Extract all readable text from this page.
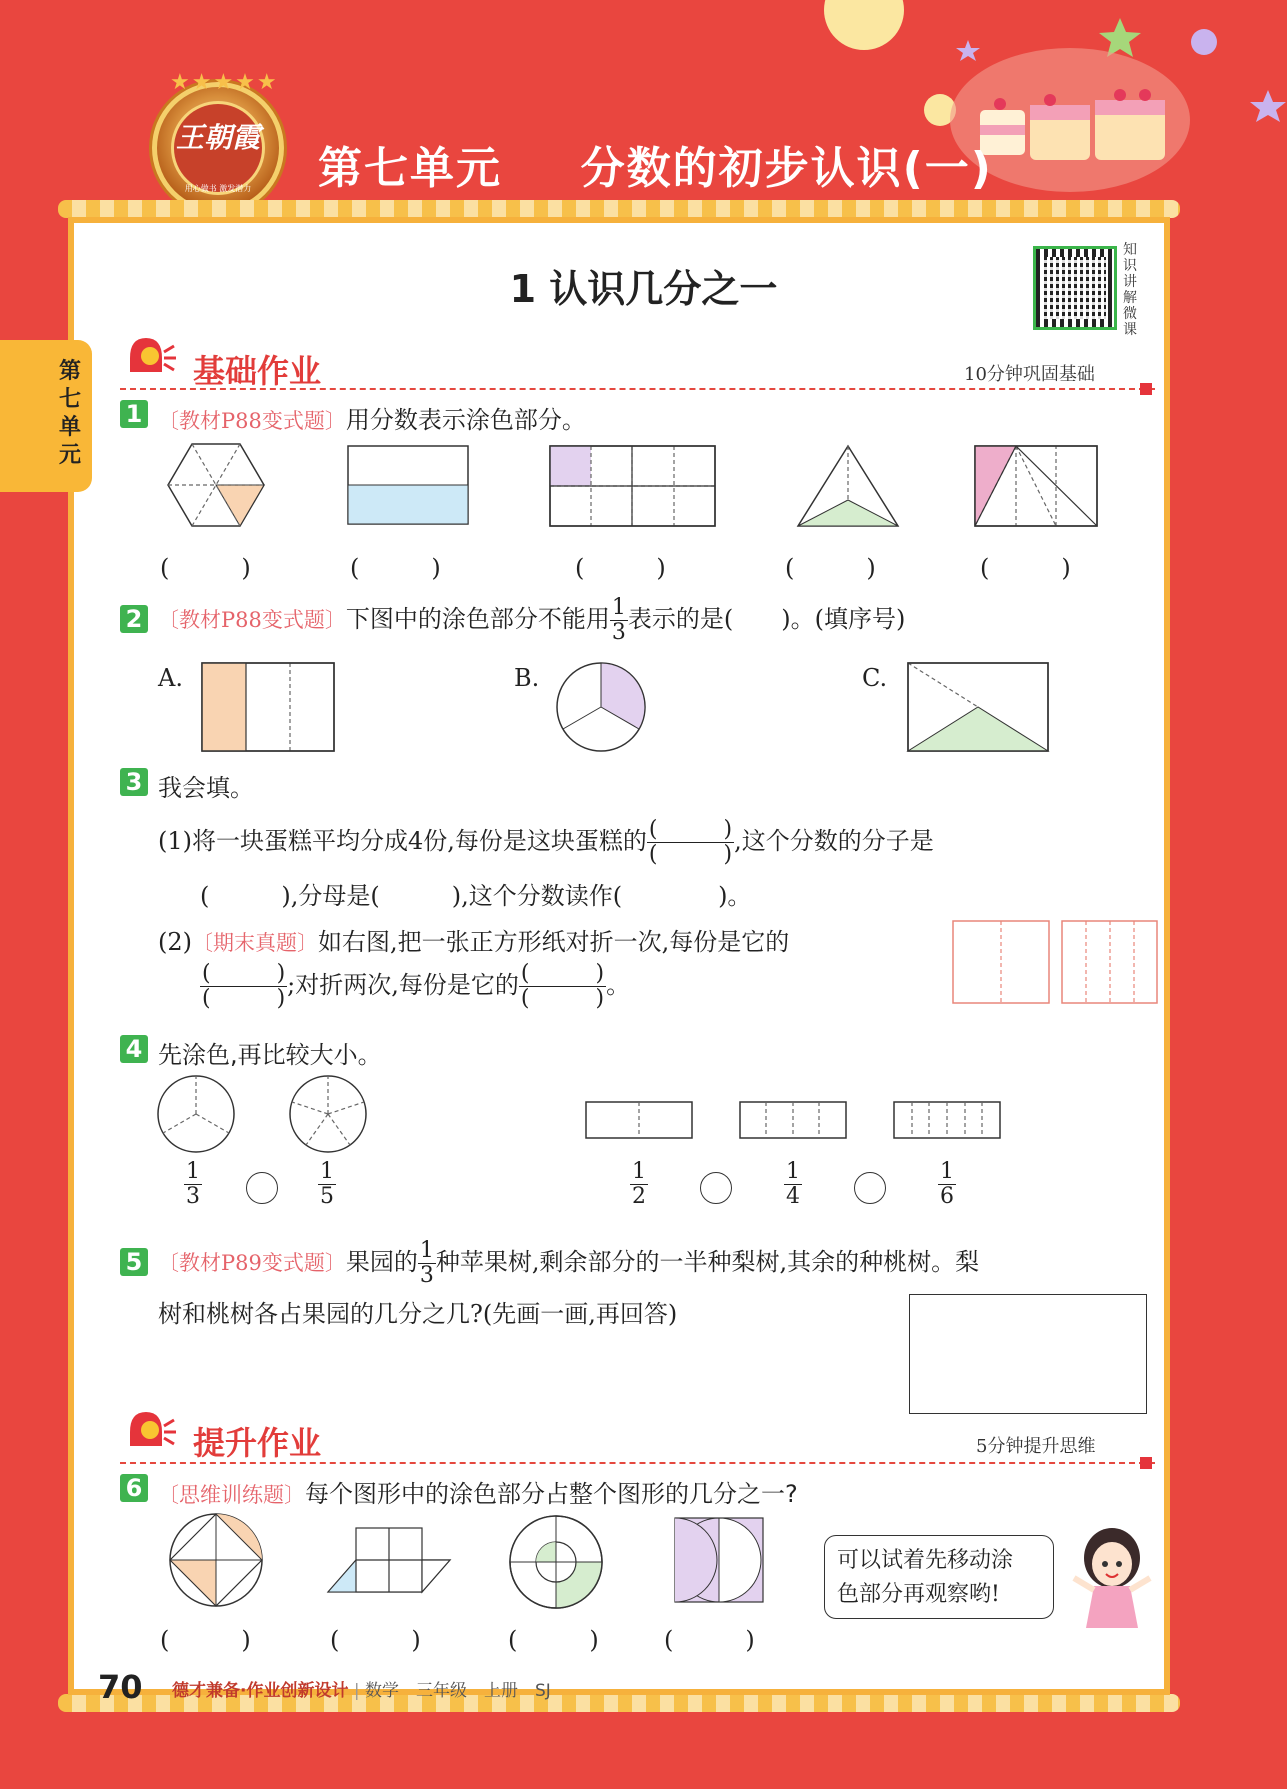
王朝霞
用心做书 激发潜力
★★★★★
第七单元 分数的初步认识(一)
第七单元
1 认识几分之一
知识讲解微课
基础作业	10分钟巩固基础
1 〔教材P88变式题〕用分数表示涂色部分。
(　　　)	(　　　)	(　　　)	(　　　)	(　　　)
2 〔教材P88变式题〕下图中的涂色部分不能用 $\frac{1}{3}$ 表示的是(　　)。(填序号)
A.	B.	C.
3 我会填。
(1)将一块蛋糕平均分成4份,每份是这块蛋糕的 $\frac{( )}{( )}$ ,这个分数的分子是
(　　　),分母是(　　　),这个分数读作(　　　　)。
(2)〔期末真题〕如右图,把一张正方形纸对折一次,每份是它的
$\frac{( )}{( )}$ ;对折两次,每份是它的 $\frac{( )}{( )}$ 。
4 先涂色,再比较大小。
$\frac{1}{3}$	$\frac{1}{5}$	$\frac{1}{2}$	$\frac{1}{4}$	$\frac{1}{6}$
5 〔教材P89变式题〕果园的 $\frac{1}{3}$ 种苹果树,剩余部分的一半种梨树,其余的种桃树。梨
树和桃树各占果园的几分之几?(先画一画,再回答)
提升作业	5分钟提升思维
6 〔思维训练题〕每个图形中的涂色部分占整个图形的几分之一?
(　　　)	(　　　)	(　　　)	(　　　)
可以试着先移动涂
色部分再观察哟!
70 德才兼备·作业创新设计 | 数学　三年级　上册　SJ
